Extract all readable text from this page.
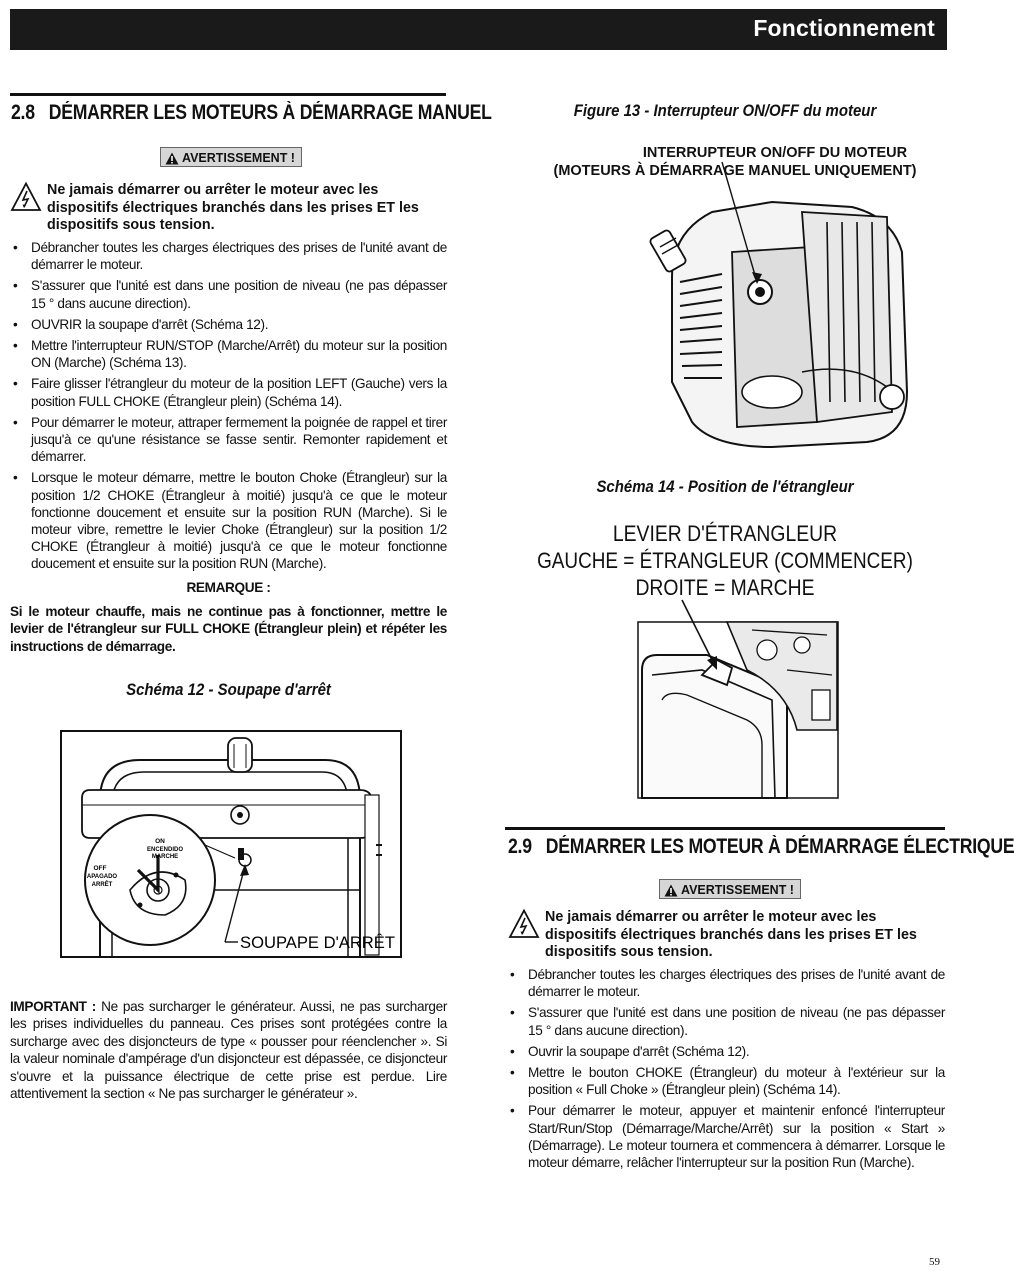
Fonctionnement
2.8   DÉMARRER LES MOTEURS À DÉMARRAGE MANUEL
AVERTISSEMENT !
Ne jamais démarrer ou arrêter le moteur avec les dispositifs électriques branchés dans les prises ET les dispositifs sous tension.
• Débrancher toutes les charges électriques des prises de l'unité avant de démarrer le moteur.
• S'assurer que l'unité est dans une position de niveau (ne pas dépasser 15 ° dans aucune direction).
• OUVRIR la soupape d'arrêt (Schéma 12).
• Mettre l'interrupteur RUN/STOP (Marche/Arrêt) du moteur sur la position ON (Marche) (Schéma 13).
• Faire glisser l'étrangleur du moteur de la position LEFT (Gauche) vers la position FULL CHOKE (Étrangleur plein) (Schéma 14).
• Pour démarrer le moteur, attraper fermement la poignée de rappel et tirer jusqu'à ce qu'une résistance se fasse sentir. Remonter rapidement et démarrer.
• Lorsque le moteur démarre, mettre le bouton Choke (Étrangleur) sur la position 1/2 CHOKE (Étrangleur à moitié) jusqu'à ce que le moteur fonctionne doucement et ensuite sur la position RUN (Marche). Si le moteur vibre, remettre le levier Choke (Étrangleur) sur la position 1/2 CHOKE (Étrangleur à moitié) jusqu'à ce que le moteur fonctionne doucement et ensuite sur la position RUN (Marche).
REMARQUE :
Si le moteur chauffe, mais ne continue pas à fonctionner, mettre le levier de l'étrangleur sur FULL CHOKE (Étrangleur plein) et répéter les instructions de démarrage.
Schéma 12 - Soupape d'arrêt
ON
ENCENDIDO
MARCHE
OFF
APAGADO
ARRÊT
SOUPAPE D'ARRÊT
IMPORTANT : Ne pas surcharger le générateur. Aussi, ne pas surcharger les prises individuelles du panneau. Ces prises sont protégées contre la surcharge avec des disjoncteurs de type « pousser pour réenclencher ». Si la valeur nominale d'ampérage d'un disjoncteur est dépassée, ce disjoncteur s'ouvre et la puissance électrique de cette prise est perdue. Lire attentivement la section « Ne pas surcharger le générateur ».
Figure 13 - Interrupteur ON/OFF du moteur
INTERRUPTEUR ON/OFF DU MOTEUR
(MOTEURS À DÉMARRAGE MANUEL UNIQUEMENT)
Schéma 14 - Position de l'étrangleur
LEVIER D'ÉTRANGLEUR
GAUCHE = ÉTRANGLEUR (COMMENCER)
DROITE = MARCHE
2.9   DÉMARRER LES MOTEUR À DÉMARRAGE ÉLECTRIQUE
AVERTISSEMENT !
Ne jamais démarrer ou arrêter le moteur avec les dispositifs électriques branchés dans les prises ET les dispositifs sous tension.
• Débrancher toutes les charges électriques des prises de l'unité avant de démarrer le moteur.
• S'assurer que l'unité est dans une position de niveau (ne pas dépasser 15 ° dans aucune direction).
• Ouvrir la soupape d'arrêt (Schéma 12).
• Mettre le bouton CHOKE (Étrangleur) du moteur à l'extérieur sur la position « Full Choke » (Étrangleur plein) (Schéma 14).
• Pour démarrer le moteur, appuyer et maintenir enfoncé l'interrupteur Start/Run/Stop (Démarrage/Marche/Arrêt) sur la position « Start » (Démarrage). Le moteur tournera et commencera à démarrer. Lorsque le moteur démarre, relâcher l'interrupteur sur la position Run (Marche).
59
